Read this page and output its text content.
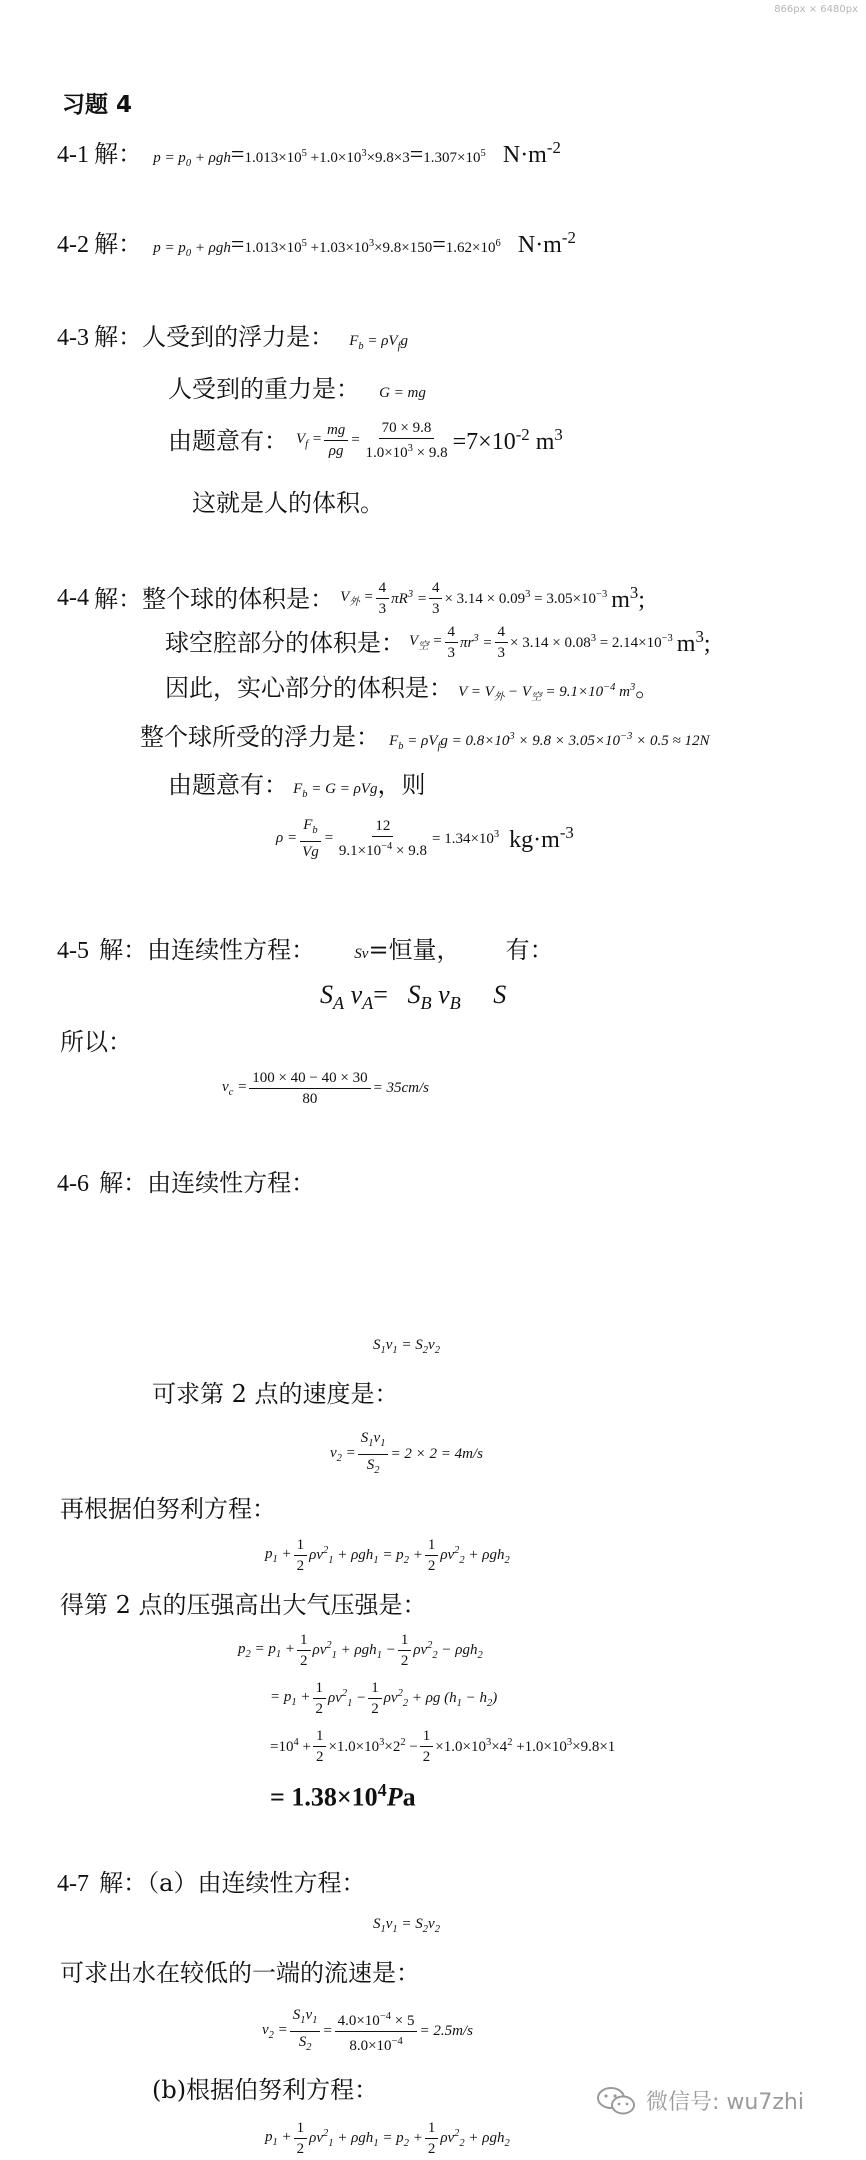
866px × 6480px
习题 4
4-1 解： $p = p_0 + \rho gh=1.013\times 10^5 +1.0\times 10^3\times 9.8\times 3=1.307\times 10^5$ $N\cdot m^{-2}$
4-2 解： $p = p_0 + \rho gh=1.013\times 10^5 +1.03\times 10^3\times 9.8\times 150=1.62\times 10^6$ $N\cdot m^{-2}$
4-3 解：人受到的浮力是： $F_b = \rho V_fg$
人受到的重力是： G = mg
由题意有： $V_f = \frac{mg}{\rho g} = \frac{70 \times 9.8}{1.0\times 10^3 \times 9.8} =7\times 10^{-2}$ $m^3$
这就是人的体积。
4-4
解： 整个球的体积是： $V_外 = \frac{4}{3} \pi R^3 = \frac{4}{3} \times 3.14 \times 0.09^3 = 3.05\times 10^{-3}$ $m^3$;
球空腔部分的体积是： $V_空 = \frac{4}{3} \pi r^3 = \frac{4}{3} \times 3.14 \times 0.08^3 = 2.14\times 10^{-3}$ $m^3$;
因此，实心部分的体积是： $V = V_外 - V_空 = 9.1\times 10^{-4}$ $m^3$。
整个球所受的浮力是： $F_b = \rho V_fg = 0.8\times 10^3 \times 9.8 \times 3.05\times 10^{-3} \times 0.5 \approx 12N$
由题意有： $F_b = G = \rho Vg$，则
$\rho = \frac{F_b}{Vg} = \frac{12}{9.1\times 10^{-4} \times 9.8} = 1.34\times 10^3$ $kg\cdot m^{-3}$
4-5 解：由连续性方程：	Sv=恒量， 有：
$S_A$ $v_A= S_B$ $v_B$ S
所以：
$v_c = \frac{100 \times 40 - 40 \times 30}{80} = 35cm/s$
4-6 解：由连续性方程：
$S_1v_1 = S_2v_2$
可求第 2 点的速度是：
$v_2 = \frac{S_1v_1}{S_2} = 2 \times 2 = 4m/s$
再根据伯努利方程：
$p_1 + \frac{1}{2} \rho v^2_1 + \rho gh_1 = p_2 + \frac{1}{2} \rho v^2_2 + \rho gh_2$
得第 2 点的压强高出大气压强是：
$p_2 = p_1 + \frac{1}{2} \rho v^2_1 + \rho gh_1 - \frac{1}{2} \rho v^2_2 - \rho gh_2$
= $p_1 + \frac{1}{2} \rho v^2_1 - \frac{1}{2} \rho v^2_2 + \rho g$ $(h_1 - h_2)$
$=10^4 + \frac{1}{2} \times 1.0\times 10^3\times 2^2 - \frac{1}{2} \times 1.0\times 10^3\times 4^2 +1.0\times 10^3\times 9.8\times 1$
= $1.38\times 10^4Pa$
4-7 解：（a）由连续性方程：
$S_1v_1 = S_2v_2$
可求出水在较低的一端的流速是：
$v_2 = \frac{S_1v_1}{S_2} = \frac{4.0\times 10^{-4} \times 5}{8.0\times 10^{-4}} = 2.5m/s$
(b)根据伯努利方程：
$p_1 + \frac{1}{2} \rho v^2_1 + \rho gh_1 = p_2 + \frac{1}{2} \rho v^2_2 + \rho gh_2$
微信号: wu7zhi
